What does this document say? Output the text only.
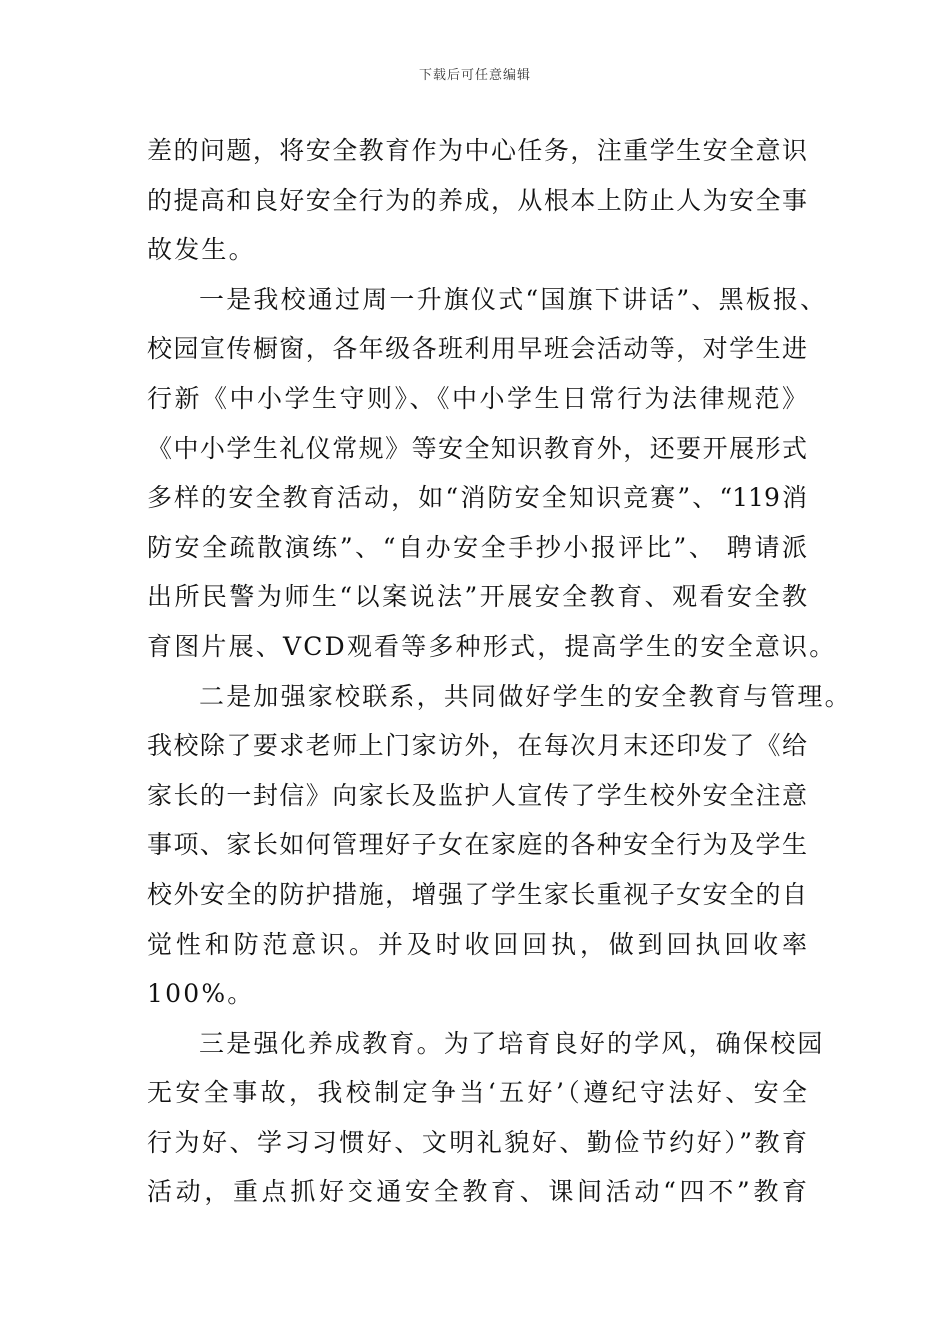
下载后可任意编辑
差的问题，将安全教育作为中心任务，注重学生安全意识
的提高和良好安全行为的养成，从根本上防止人为安全事
故发生。
一是我校通过周一升旗仪式“国旗下讲话”、黑板报、
校园宣传橱窗，各年级各班利用早班会活动等，对学生进
行新《中小学生守则》、《中小学生日常行为法律规范》
《中小学生礼仪常规》等安全知识教育外，还要开展形式
多样的安全教育活动，如“消防安全知识竞赛”、“119消
防安全疏散演练”、“自办安全手抄小报评比”、 聘请派
出所民警为师生“以案说法”开展安全教育、观看安全教
育图片展、VCD观看等多种形式，提高学生的安全意识。
二是加强家校联系，共同做好学生的安全教育与管理。
我校除了要求老师上门家访外，在每次月末还印发了《给
家长的一封信》向家长及监护人宣传了学生校外安全注意
事项、家长如何管理好子女在家庭的各种安全行为及学生
校外安全的防护措施，增强了学生家长重视子女安全的自
觉性和防范意识。并及时收回回执，做到回执回收率
100%。
三是强化养成教育。为了培育良好的学风，确保校园
无安全事故，我校制定争当‘五好’（遵纪守法好、安全
行为好、学习习惯好、文明礼貌好、勤俭节约好）”教育
活动，重点抓好交通安全教育、课间活动“四不”教育
